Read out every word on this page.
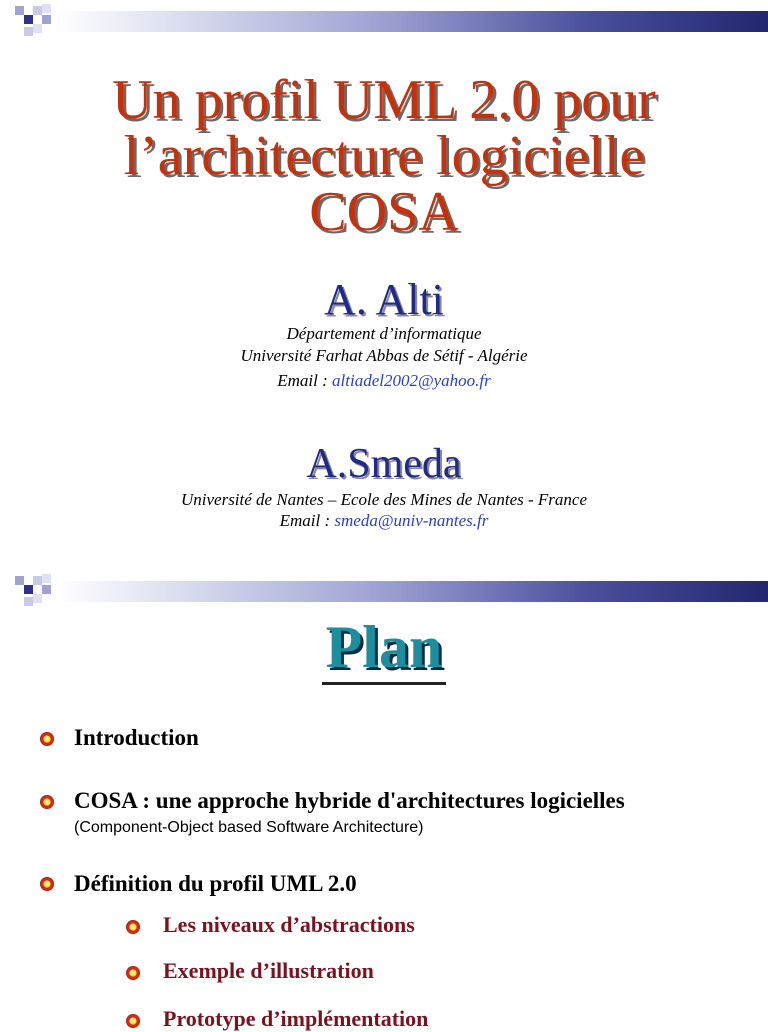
Un profil UML 2.0 pour
l’architecture logicielle
COSA

A. Alti

Département d’informatique

Université Farhat Abbas de Sétif - Algérie

Email : altiadel2002@yahoo.fr

A.Smeda

Université de Nantes – Ecole des Mines de Nantes - France

Email : smeda@univ-nantes.fr

Plan

Introduction

COSA : une approche hybride d'architectures logicielles

(Component-Object based Software Architecture)

Définition du profil UML 2.0

Les niveaux d’abstractions

Exemple d’illustration

Prototype d’implémentation
